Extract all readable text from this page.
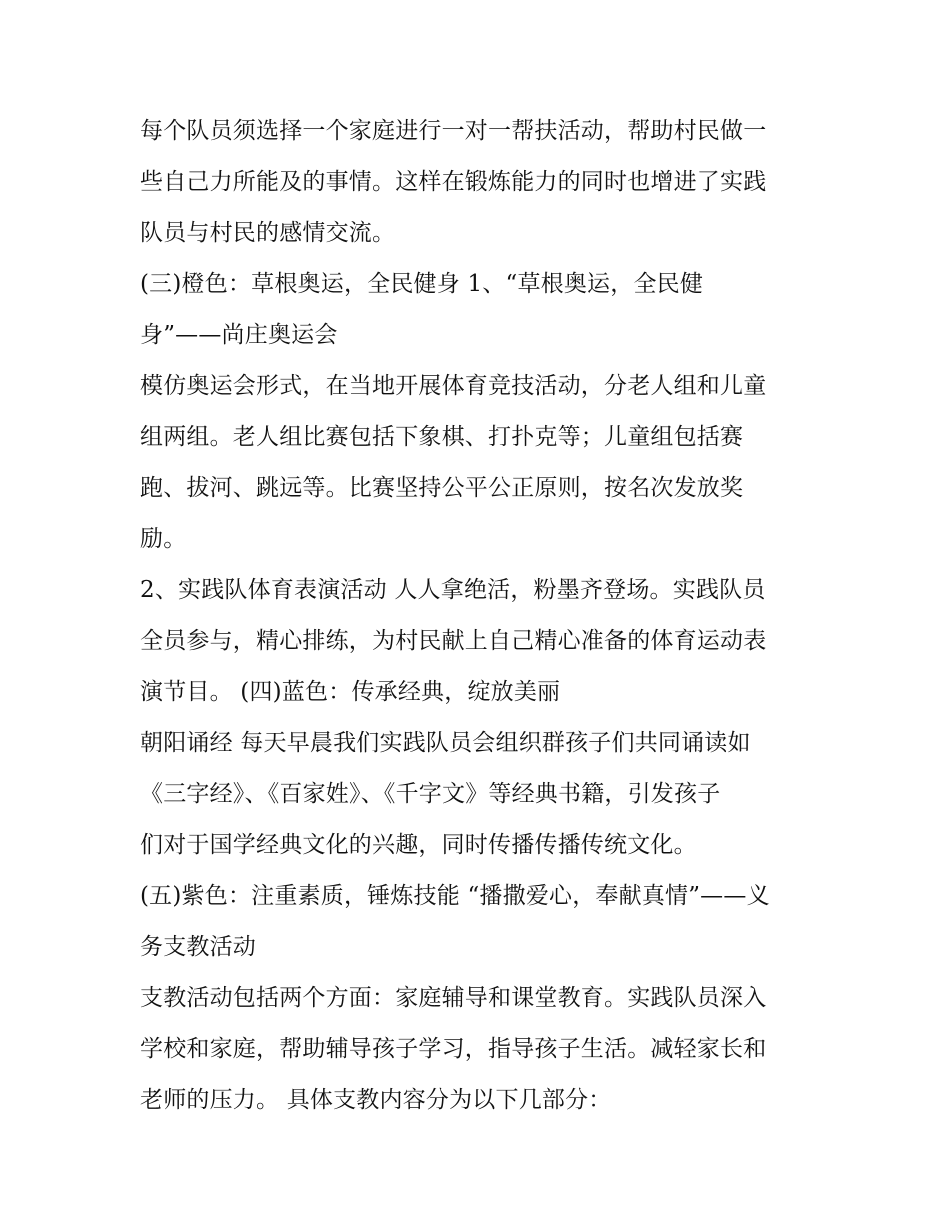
每个队员须选择一个家庭进行一对一帮扶活动，帮助村民做一
些自己力所能及的事情。这样在锻炼能力的同时也增进了实践
队员与村民的感情交流。
(三)橙色：草根奥运，全民健身 1、“草根奥运，全民健
身”——尚庄奥运会
模仿奥运会形式，在当地开展体育竞技活动，分老人组和儿童
组两组。老人组比赛包括下象棋、打扑克等；儿童组包括赛
跑、拔河、跳远等。比赛坚持公平公正原则，按名次发放奖
励。
2、实践队体育表演活动 人人拿绝活，粉墨齐登场。实践队员
全员参与，精心排练，为村民献上自己精心准备的体育运动表
演节目。 (四)蓝色：传承经典，绽放美丽
朝阳诵经 每天早晨我们实践队员会组织群孩子们共同诵读如
《三字经》、《百家姓》、《千字文》等经典书籍，引发孩子
们对于国学经典文化的兴趣，同时传播传播传统文化。
(五)紫色：注重素质，锤炼技能 “播撒爱心，奉献真情”——义
务支教活动
支教活动包括两个方面：家庭辅导和课堂教育。实践队员深入
学校和家庭，帮助辅导孩子学习，指导孩子生活。减轻家长和
老师的压力。 具体支教内容分为以下几部分：
